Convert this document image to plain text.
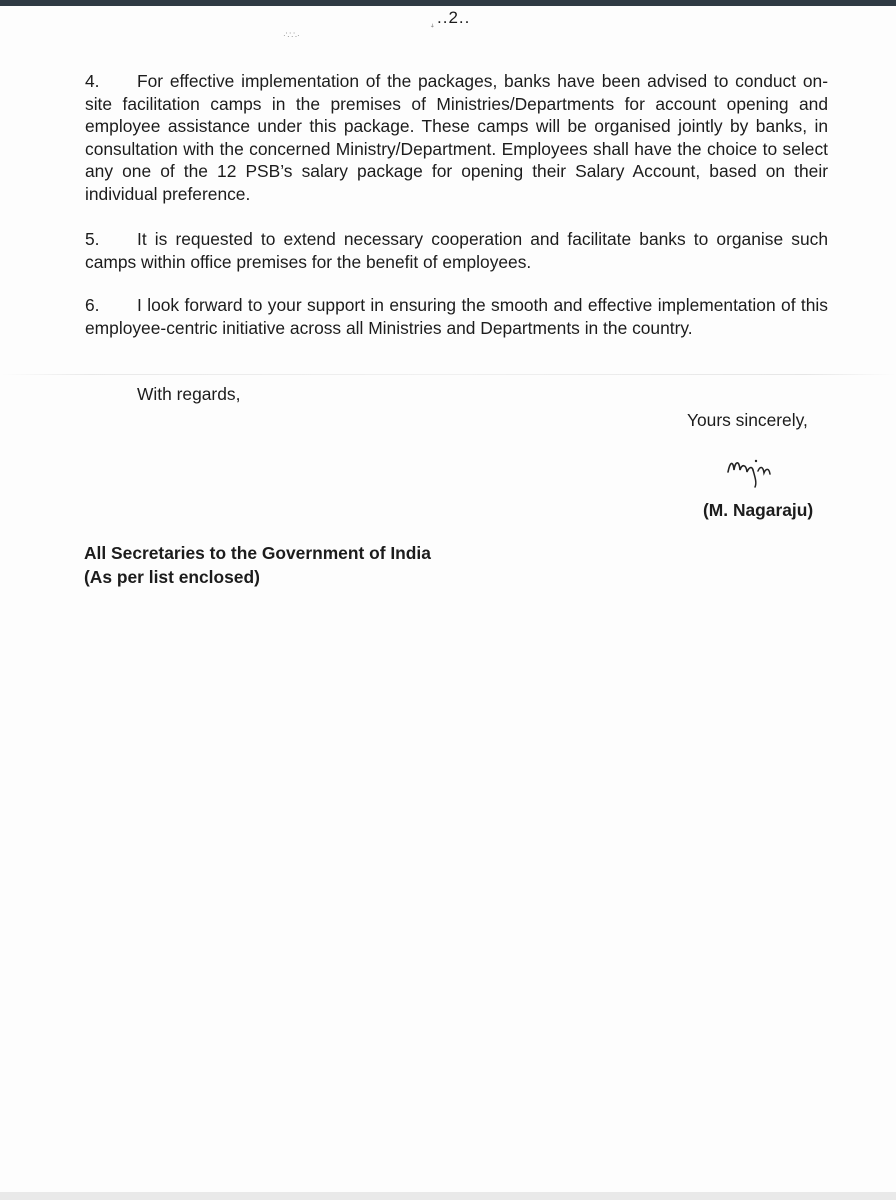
..2..
∙∵∴∙
ꜜ

4. For effective implementation of the packages, banks have been advised to conduct on-site facilitation camps in the premises of Ministries/Departments for account opening and employee assistance under this package. These camps will be organised jointly by banks, in consultation with the concerned Ministry/Department. Employees shall have the choice to select any one of the 12 PSB’s salary package for opening their Salary Account, based on their individual preference.

5. It is requested to extend necessary cooperation and facilitate banks to organise such camps within office premises for the benefit of employees.

6. I look forward to your support in ensuring the smooth and effective implementation of this employee-centric initiative across all Ministries and Departments in the country.

With regards,
Yours sincerely,
(M. Nagaraju)
All Secretaries to the Government of India
(As per list enclosed)
